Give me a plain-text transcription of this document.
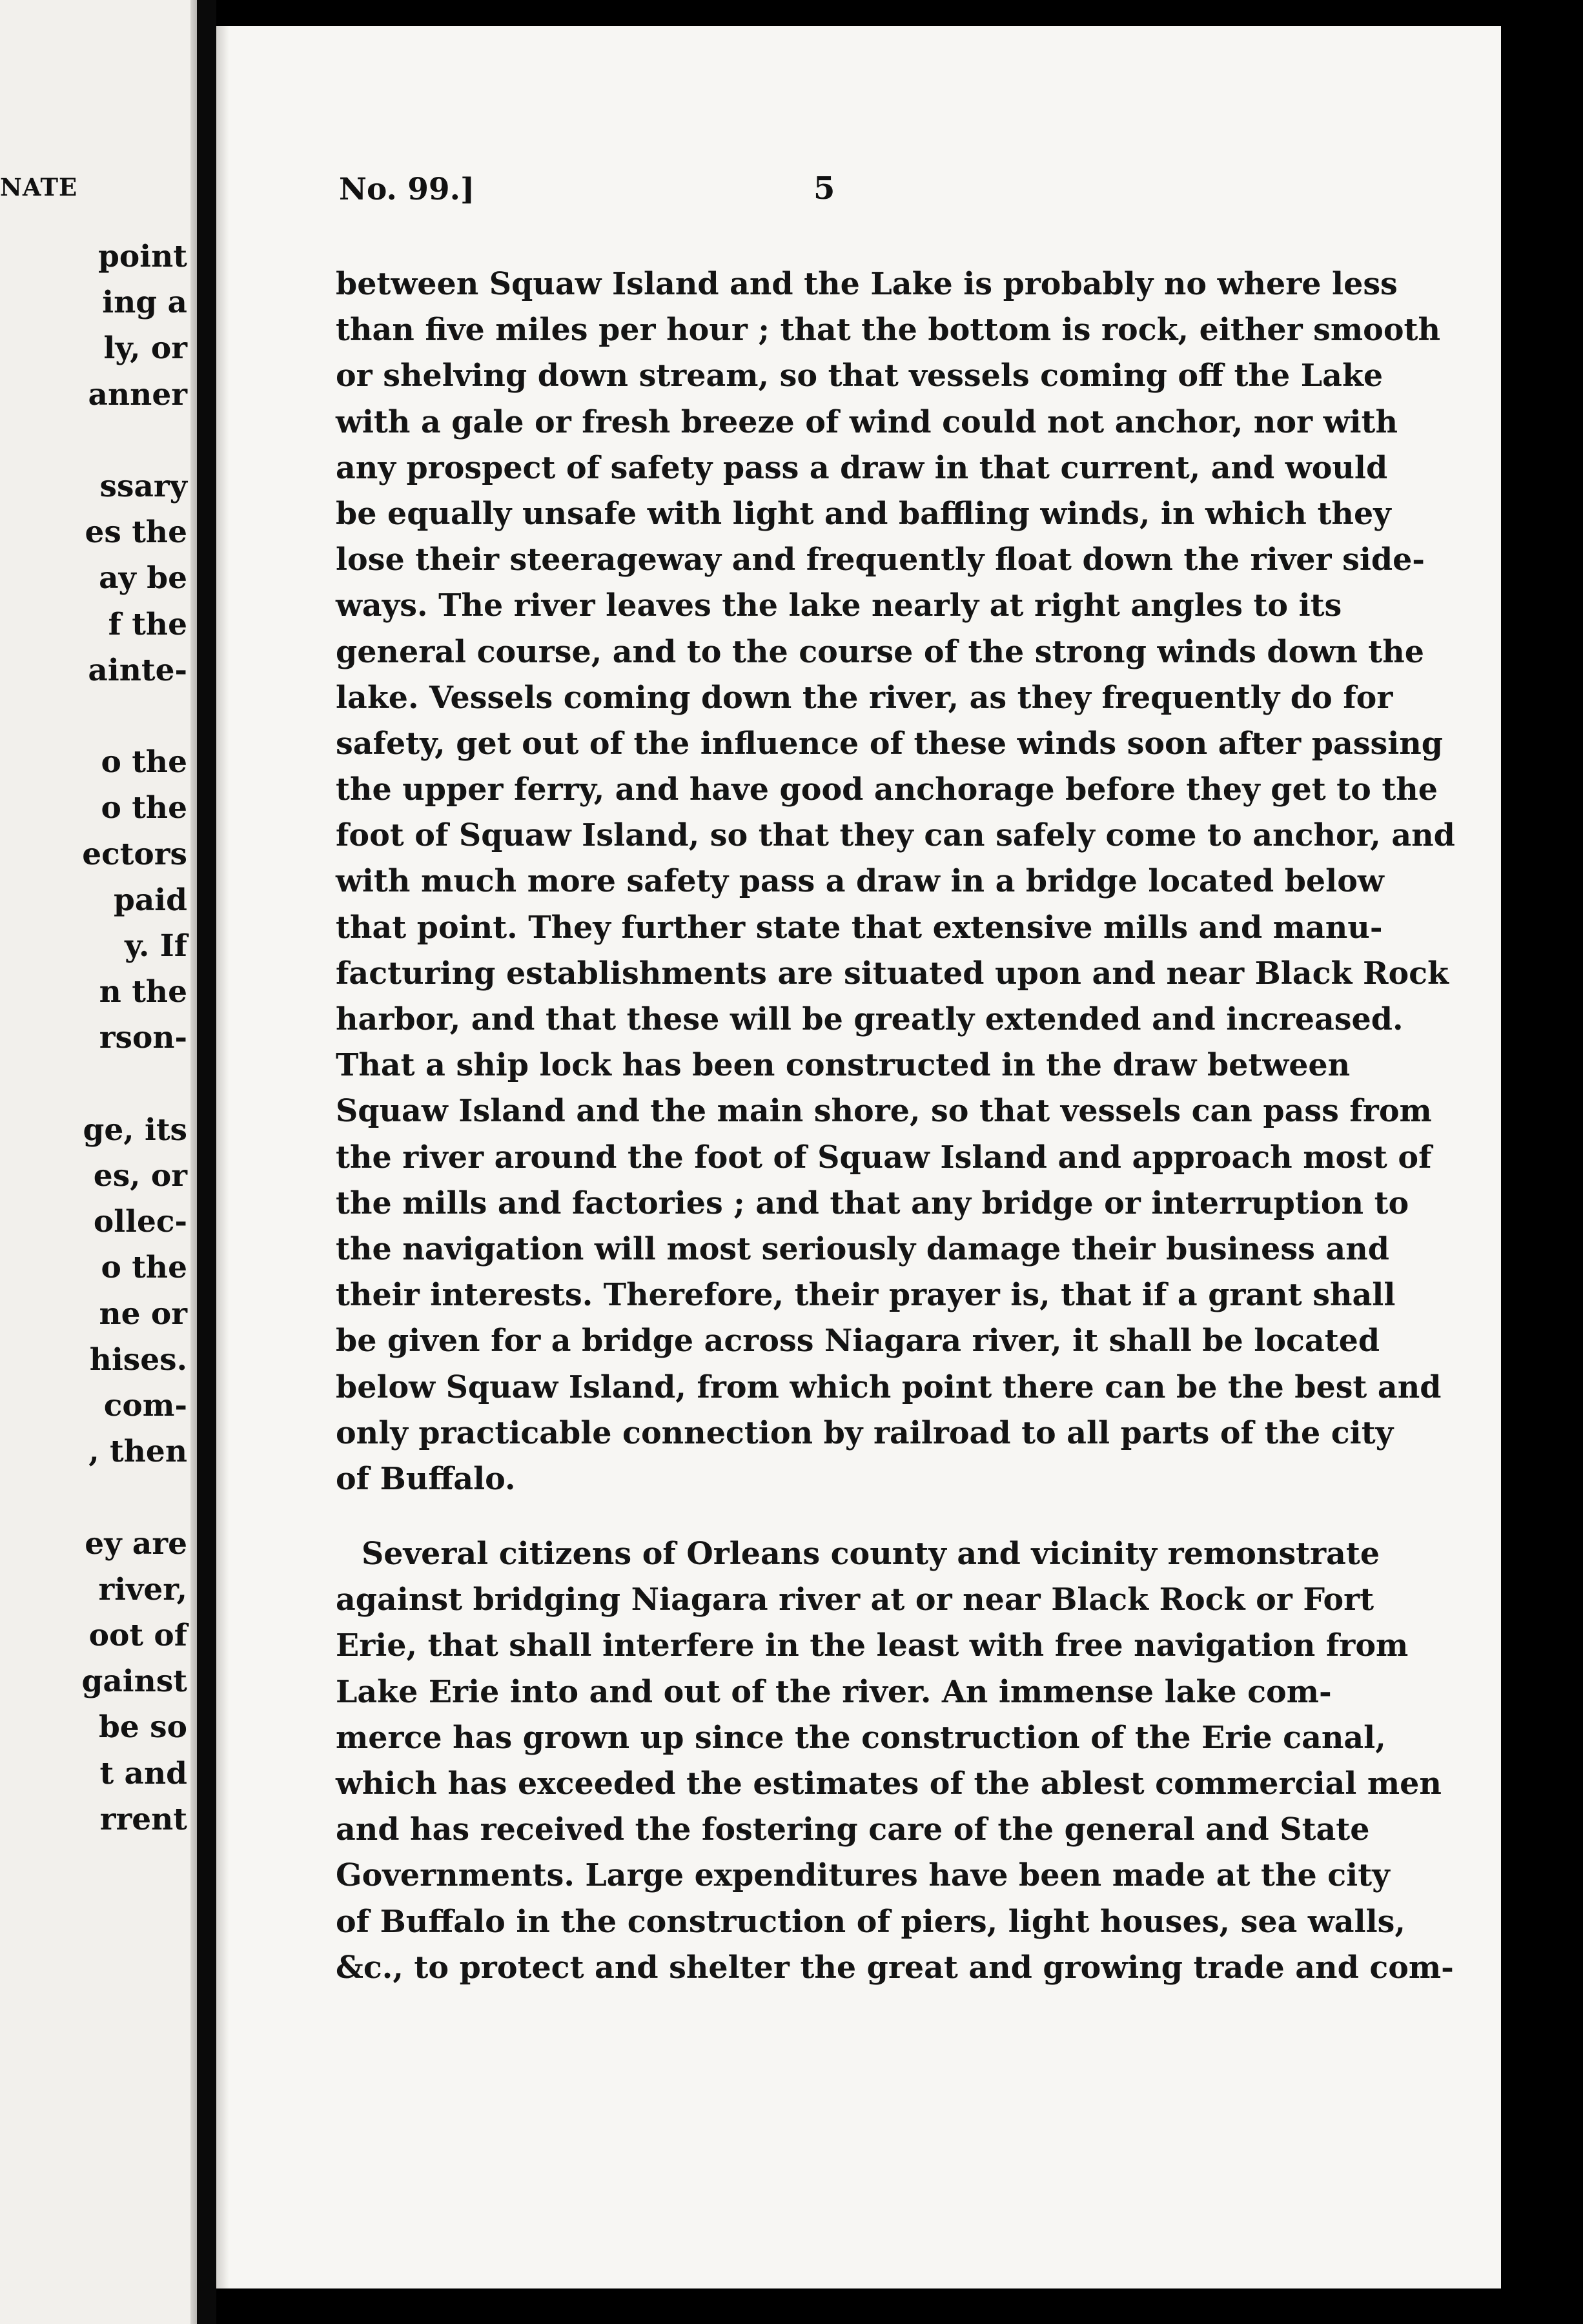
NATE
point
ing a
ly, or
anner
ssary
es the
ay be
f the
ainte-
o the
o the
ectors
paid
y. If
n the
rson-
ge, its
es, or
ollec-
o the
ne or
hises.
com-
, then
ey are
river,
oot of
gainst
be so
t and
rrent

No. 99.]	5
between Squaw Island and the Lake is probably no where less
than five miles per hour ; that the bottom is rock, either smooth
or shelving down stream, so that vessels coming off the Lake
with a gale or fresh breeze of wind could not anchor, nor with
any prospect of safety pass a draw in that current, and would
be equally unsafe with light and baffling winds, in which they
lose their steerageway and frequently float down the river side-
ways. The river leaves the lake nearly at right angles to its
general course, and to the course of the strong winds down the
lake. Vessels coming down the river, as they frequently do for
safety, get out of the influence of these winds soon after passing
the upper ferry, and have good anchorage before they get to the
foot of Squaw Island, so that they can safely come to anchor, and
with much more safety pass a draw in a bridge located below
that point. They further state that extensive mills and manu-
facturing establishments are situated upon and near Black Rock
harbor, and that these will be greatly extended and increased.
That a ship lock has been constructed in the draw between
Squaw Island and the main shore, so that vessels can pass from
the river around the foot of Squaw Island and approach most of
the mills and factories ; and that any bridge or interruption to
the navigation will most seriously damage their business and
their interests. Therefore, their prayer is, that if a grant shall
be given for a bridge across Niagara river, it shall be located
below Squaw Island, from which point there can be the best and
only practicable connection by railroad to all parts of the city
of Buffalo.
Several citizens of Orleans county and vicinity remonstrate
against bridging Niagara river at or near Black Rock or Fort
Erie, that shall interfere in the least with free navigation from
Lake Erie into and out of the river. An immense lake com-
merce has grown up since the construction of the Erie canal,
which has exceeded the estimates of the ablest commercial men
and has received the fostering care of the general and State
Governments. Large expenditures have been made at the city
of Buffalo in the construction of piers, light houses, sea walls,
&c., to protect and shelter the great and growing trade and com-
